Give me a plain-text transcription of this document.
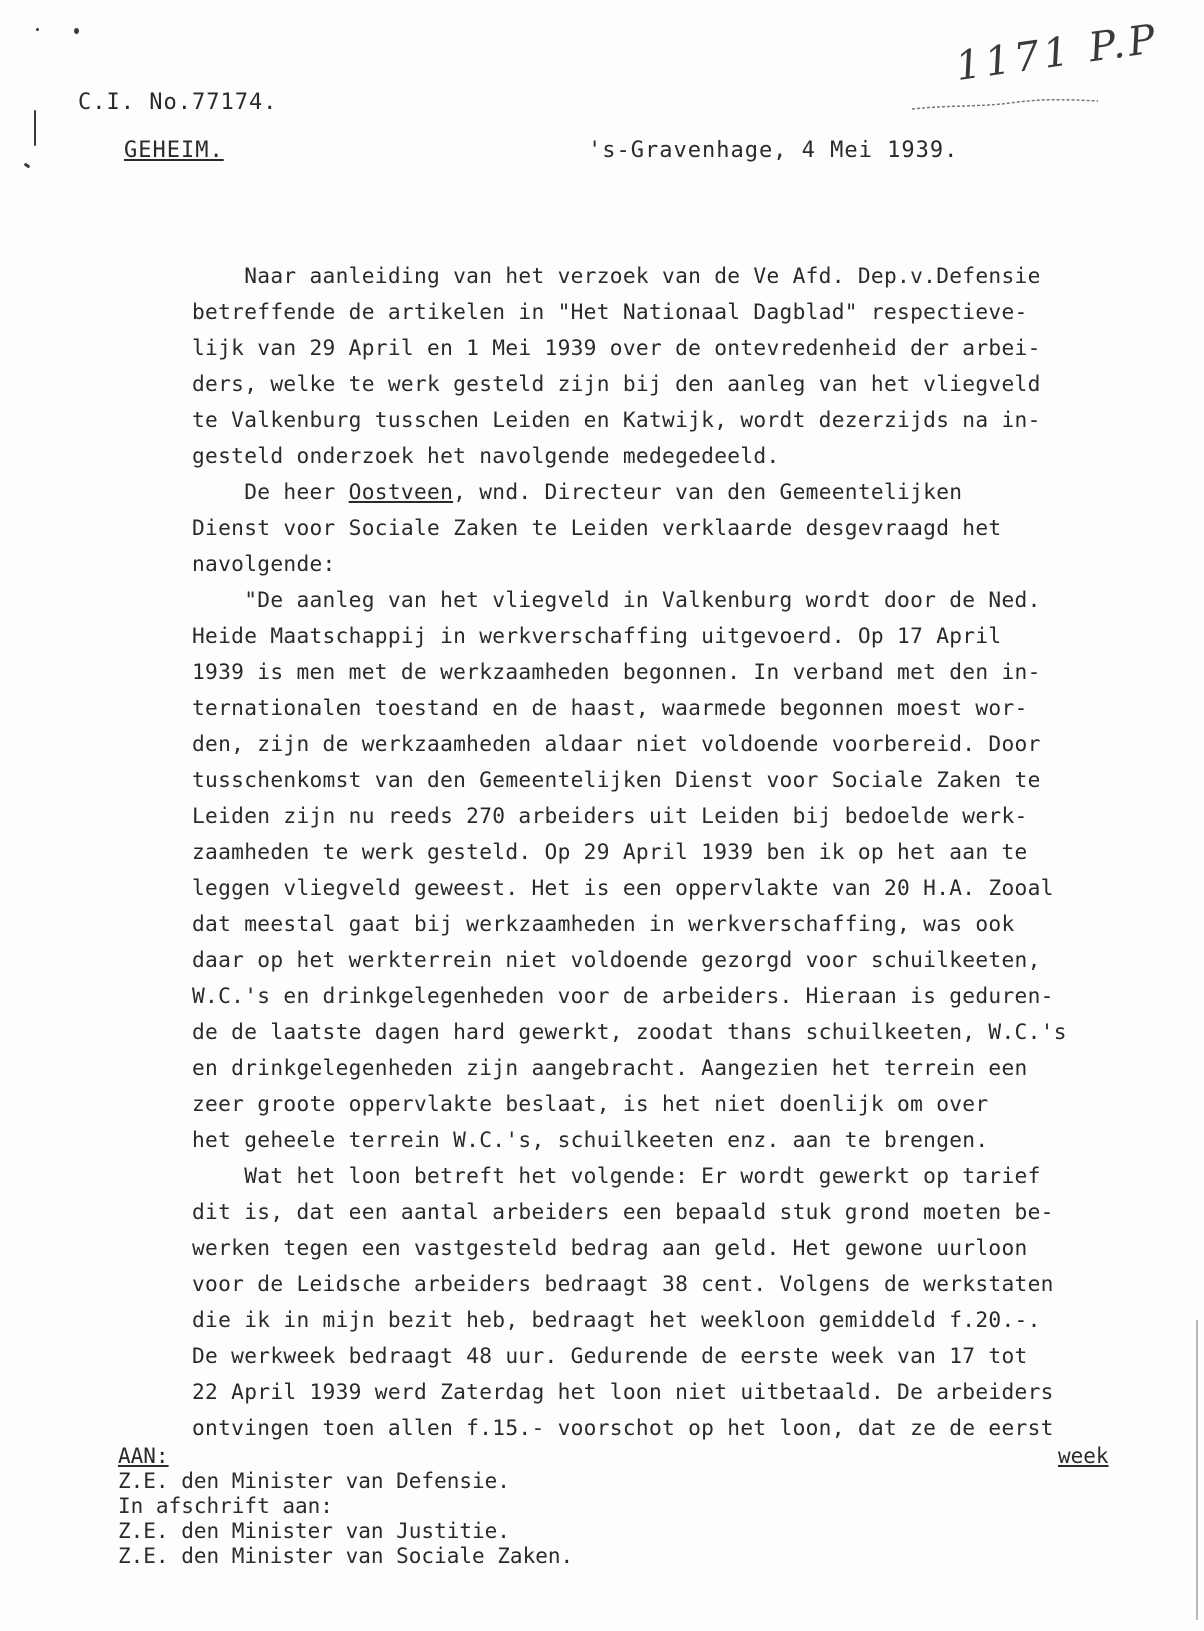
C.I. No.77174.
1171 P.P
GEHEIM.	's-Gravenhage, 4 Mei 1939.
Naar aanleiding van het verzoek van de Ve Afd. Dep.v.Defensie
betreffende de artikelen in "Het Nationaal Dagblad" respectieve-
lijk van 29 April en 1 Mei 1939 over de ontevredenheid der arbei-
ders, welke te werk gesteld zijn bij den aanleg van het vliegveld
te Valkenburg tusschen Leiden en Katwijk, wordt dezerzijds na in-
gesteld onderzoek het navolgende medegedeeld.
De heer Oostveen, wnd. Directeur van den Gemeentelijken
Dienst voor Sociale Zaken te Leiden verklaarde desgevraagd het
navolgende:
"De aanleg van het vliegveld in Valkenburg wordt door de Ned.
Heide Maatschappij in werkverschaffing uitgevoerd. Op 17 April
1939 is men met de werkzaamheden begonnen. In verband met den in-
ternationalen toestand en de haast, waarmede begonnen moest wor-
den, zijn de werkzaamheden aldaar niet voldoende voorbereid. Door
tusschenkomst van den Gemeentelijken Dienst voor Sociale Zaken te
Leiden zijn nu reeds 270 arbeiders uit Leiden bij bedoelde werk-
zaamheden te werk gesteld. Op 29 April 1939 ben ik op het aan te
leggen vliegveld geweest. Het is een oppervlakte van 20 H.A. Zooal
dat meestal gaat bij werkzaamheden in werkverschaffing, was ook
daar op het werkterrein niet voldoende gezorgd voor schuilkeeten,
W.C.'s en drinkgelegenheden voor de arbeiders. Hieraan is geduren-
de de laatste dagen hard gewerkt, zoodat thans schuilkeeten, W.C.'s
en drinkgelegenheden zijn aangebracht. Aangezien het terrein een
zeer groote oppervlakte beslaat, is het niet doenlijk om over
het geheele terrein W.C.'s, schuilkeeten enz. aan te brengen.
Wat het loon betreft het volgende: Er wordt gewerkt op tarief
dit is, dat een aantal arbeiders een bepaald stuk grond moeten be-
werken tegen een vastgesteld bedrag aan geld. Het gewone uurloon
voor de Leidsche arbeiders bedraagt 38 cent. Volgens de werkstaten
die ik in mijn bezit heb, bedraagt het weekloon gemiddeld f.20.-.
De werkweek bedraagt 48 uur. Gedurende de eerste week van 17 tot
22 April 1939 werd Zaterdag het loon niet uitbetaald. De arbeiders
ontvingen toen allen f.15.- voorschot op het loon, dat ze de eerst
week
AAN:
Z.E. den Minister van Defensie.
In afschrift aan:
Z.E. den Minister van Justitie.
Z.E. den Minister van Sociale Zaken.
